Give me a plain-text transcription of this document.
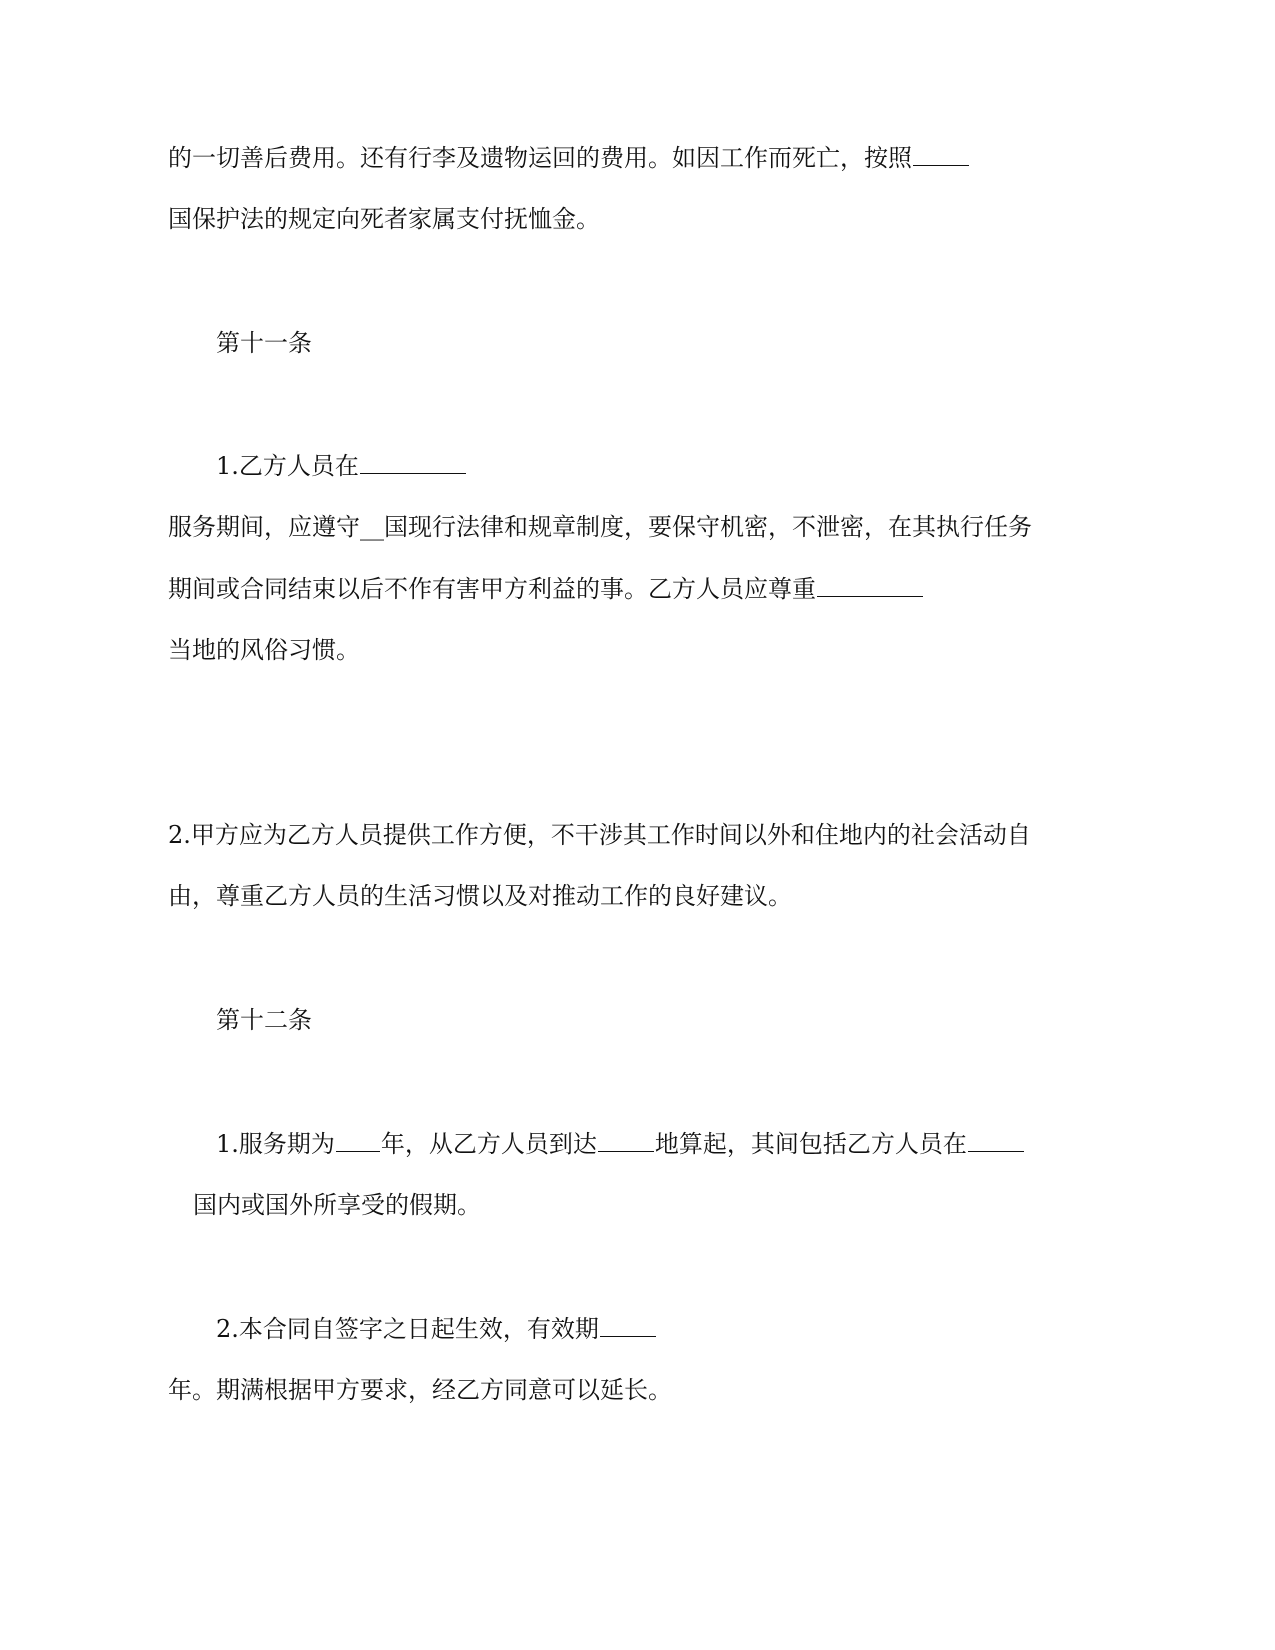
的一切善后费用。还有行李及遗物运回的费用。如因工作而死亡，按照
国保护法的规定向死者家属支付抚恤金。
第十一条
1.乙方人员在
服务期间，应遵守__国现行法律和规章制度，要保守机密，不泄密，在其执行任务
期间或合同结束以后不作有害甲方利益的事。乙方人员应尊重
当地的风俗习惯。
2.甲方应为乙方人员提供工作方便，不干涉其工作时间以外和住地内的社会活动自
由，尊重乙方人员的生活习惯以及对推动工作的良好建议。
第十二条
1.服务期为 年，从乙方人员到达 地算起，其间包括乙方人员在
国内或国外所享受的假期。
2.本合同自签字之日起生效，有效期
年。期满根据甲方要求，经乙方同意可以延长。
